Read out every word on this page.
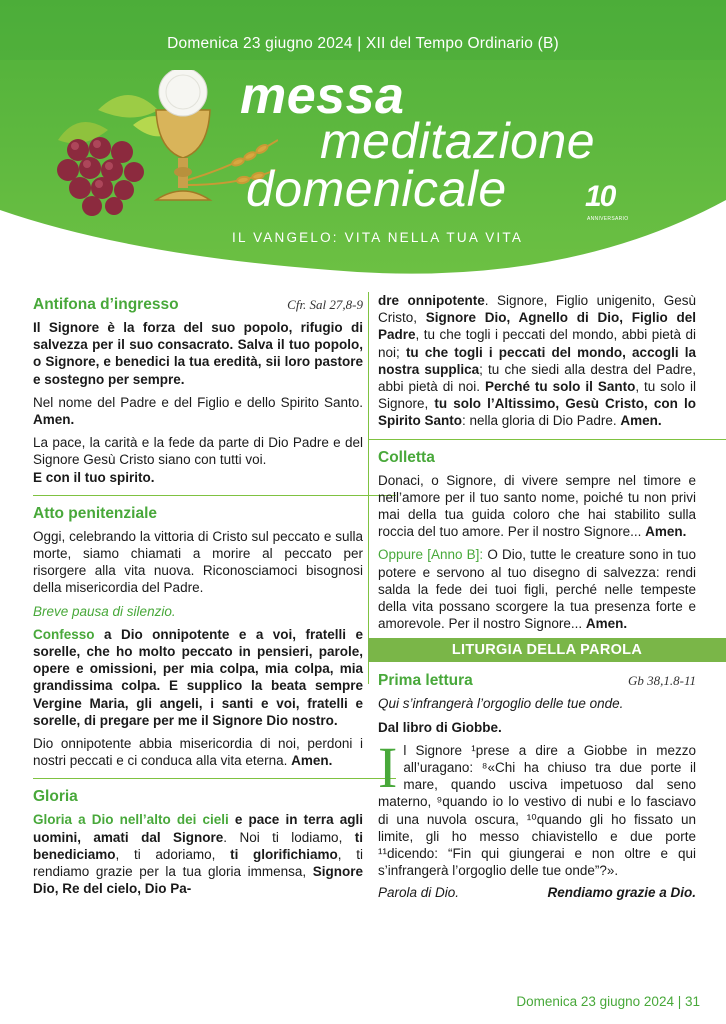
Domenica 23 giugno 2024 | XII del Tempo Ordinario (B)
messa
meditazione
domenicale	10
ANNIVERSARIO
IL VANGELO: VITA NELLA TUA VITA
Antifona d’ingresso	Cfr. Sal 27,8-9

Il Signore è la forza del suo popolo, rifugio di salvezza per il suo consacrato. Salva il tuo popolo, o Signore, e benedici la tua eredità, sii loro pastore e sostegno per sempre.

Nel nome del Padre e del Figlio e dello Spirito Santo. Amen.

La pace, la carità e la fede da parte di Dio Padre e del Signore Gesù Cristo siano con tutti voi.
E con il tuo spirito.

Atto penitenziale

Oggi, celebrando la vittoria di Cristo sul peccato e sulla morte, siamo chiamati a morire al peccato per risorgere alla vita nuova. Riconosciamoci bisognosi della misericordia del Padre.

Breve pausa di silenzio.

Confesso a Dio onnipotente e a voi, fratelli e sorelle, che ho molto peccato in pensieri, parole, opere e omissioni, per mia colpa, mia colpa, mia grandissima colpa. E supplico la beata sempre Vergine Maria, gli angeli, i santi e voi, fratelli e sorelle, di pregare per me il Signore Dio nostro.

Dio onnipotente abbia misericordia di noi, perdoni i nostri peccati e ci conduca alla vita eterna. Amen.

Gloria

Gloria a Dio nell’alto dei cieli e pace in terra agli uomini, amati dal Signore. Noi ti lodiamo, ti benediciamo, ti adoriamo, ti glorifichiamo, ti rendiamo grazie per la tua gloria immensa, Signore Dio, Re del cielo, Dio Pa-

dre onnipotente. Signore, Figlio unigenito, Gesù Cristo, Signore Dio, Agnello di Dio, Figlio del Padre, tu che togli i peccati del mondo, abbi pietà di noi; tu che togli i peccati del mondo, accogli la nostra supplica; tu che siedi alla destra del Padre, abbi pietà di noi. Perché tu solo il Santo, tu solo il Signore, tu solo l’Altissimo, Gesù Cristo, con lo Spirito Santo: nella gloria di Dio Padre. Amen.

Colletta

Donaci, o Signore, di vivere sempre nel timore e nell’amore per il tuo santo nome, poiché tu non privi mai della tua guida coloro che hai stabilito sulla roccia del tuo amore. Per il nostro Signore... Amen.

Oppure [Anno B]: O Dio, tutte le creature sono in tuo potere e servono al tuo disegno di salvezza: rendi salda la fede dei tuoi figli, perché nelle tempeste della vita possano scorgere la tua presenza forte e amorevole. Per il nostro Signore... Amen.

LITURGIA DELLA PAROLA
Prima lettura	Gb 38,1.8-11

Qui s’infrangerà l’orgoglio delle tue onde.

Dal libro di Giobbe.

Il Signore ¹prese a dire a Giobbe in mezzo all’uragano: ⁸«Chi ha chiuso tra due porte il mare, quando usciva impetuoso dal seno materno, ⁹quando io lo vestivo di nubi e lo fasciavo di una nuvola oscura, ¹⁰quando gli ho fissato un limite, gli ho messo chiavistello e due porte ¹¹dicendo: “Fin qui giungerai e non oltre e qui s’infrangerà l’orgoglio delle tue onde”?».

Parola di Dio.	Rendiamo grazie a Dio.
Domenica 23 giugno 2024 | 31
